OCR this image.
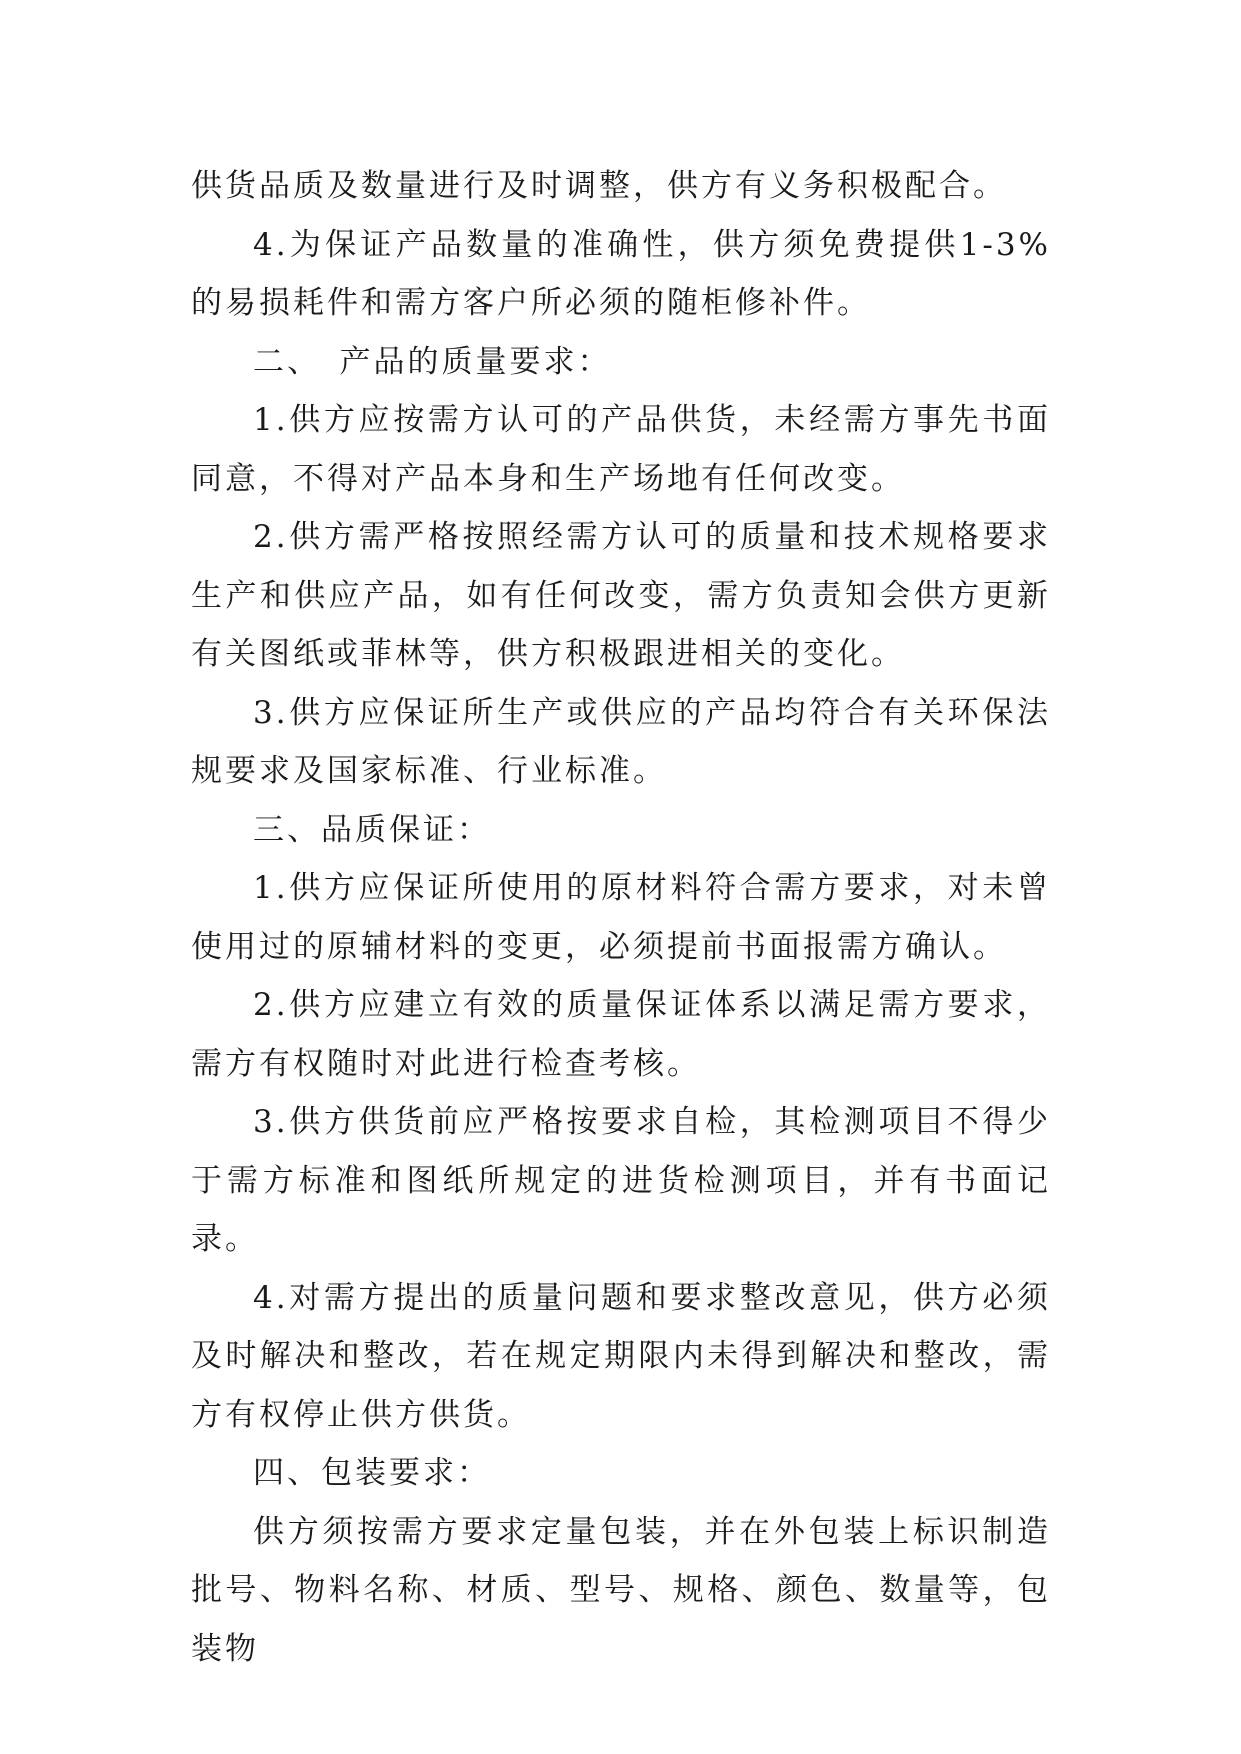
供货品质及数量进行及时调整，供方有义务积极配合。

4.为保证产品数量的准确性，供方须免费提供1-3%的易损耗件和需方客户所必须的随柜修补件。

二、　产品的质量要求：

1.供方应按需方认可的产品供货，未经需方事先书面同意，不得对产品本身和生产场地有任何改变。

2.供方需严格按照经需方认可的质量和技术规格要求生产和供应产品，如有任何改变，需方负责知会供方更新有关图纸或菲林等，供方积极跟进相关的变化。

3.供方应保证所生产或供应的产品均符合有关环保法规要求及国家标准、行业标准。

三、品质保证：

1.供方应保证所使用的原材料符合需方要求，对未曾使用过的原辅材料的变更，必须提前书面报需方确认。

2.供方应建立有效的质量保证体系以满足需方要求，需方有权随时对此进行检查考核。

3.供方供货前应严格按要求自检，其检测项目不得少于需方标准和图纸所规定的进货检测项目，并有书面记录。

4.对需方提出的质量问题和要求整改意见，供方必须及时解决和整改，若在规定期限内未得到解决和整改，需方有权停止供方供货。

四、包装要求：

供方须按需方要求定量包装，并在外包装上标识制造批号、物料名称、材质、型号、规格、颜色、数量等，包装物
